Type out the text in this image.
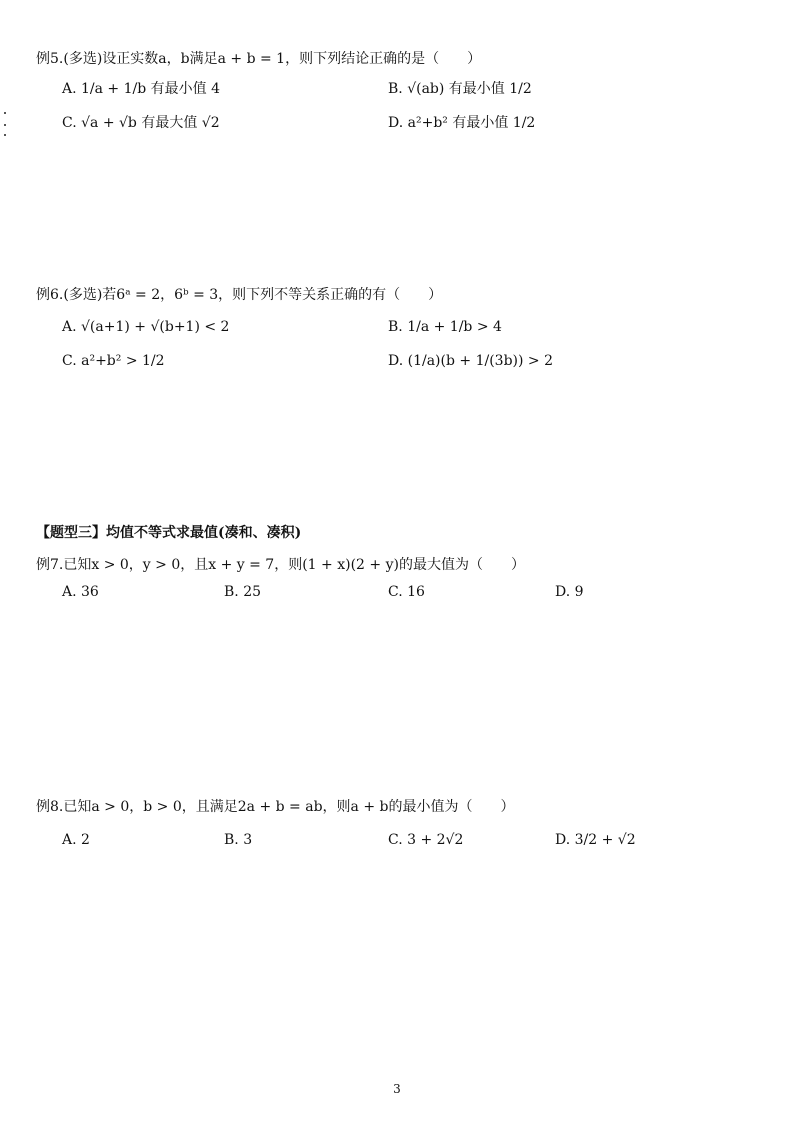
例5.(多选)设正实数a，b满足a + b = 1，则下列结论正确的是（　　）
A. 1/a + 1/b 有最小值 4	B. √(ab) 有最小值 1/2
C. √a + √b 有最大值 √2	D. a²+b² 有最小值 1/2
例6.(多选)若6ᵃ = 2，6ᵇ = 3，则下列不等关系正确的有（　　）
A. √(a+1) + √(b+1) < 2	B. 1/a + 1/b > 4
C. a²+b² > 1/2	D. (1/a)(b + 1/(3b)) > 2
【题型三】均值不等式求最值(凑和、凑积)
例7.已知x > 0，y > 0，且x + y = 7，则(1 + x)(2 + y)的最大值为（　　）
A. 36	B. 25	C. 16	D. 9
例8.已知a > 0，b > 0，且满足2a + b = ab，则a + b的最小值为（　　）
A. 2	B. 3	C. 3 + 2√2	D. 3/2 + √2
3
